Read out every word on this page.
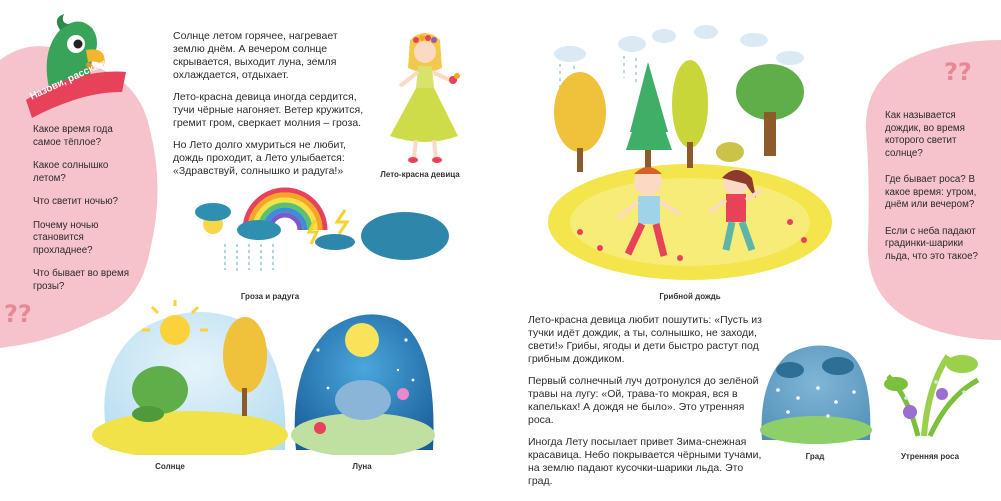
Назови, расскажи!
Какое время года самое тёплое?
Какое солнышко летом?
Что светит ночью?
Почему ночью становится прохладнее?
Что бывает во время грозы?
??

Солнце летом горячее, нагревает землю днём. А вечером солнце скрывается, выходит луна, земля охлаждается, отдыхает.

Лето-красна девица иногда сердится, тучи чёрные нагоняет. Ветер кружится, гремит гром, сверкает молния – гроза.

Но Лето долго хмуриться не любит, дождь проходит, а Лето улыбается: «Здравствуй, солнышко и радуга!»	Лето-красна девица
Гроза и радуга
Солнце	Луна
Грибной дождь
??
Как называется дождик, во время которого светит солнце?
Где бывает роса? В какое время: утром, днём или вечером?
Если с неба падают градинки-шарики льда, что это такое?

Лето-красна девица любит пошутить: «Пусть из тучки идёт дождик, а ты, солнышко, не заходи, свети!» Грибы, ягоды и дети быстро растут под грибным дождиком.

Первый солнечный луч дотронулся до зелёной травы на лугу: «Ой, трава-то мокрая, вся в капельках! А дождя не было». Это утренняя роса.

Иногда Лету посылает привет Зима-снежная красавица. Небо покрывается чёрными тучами, на землю падают кусочки-шарики льда. Это град.

Град	Утренняя роса
